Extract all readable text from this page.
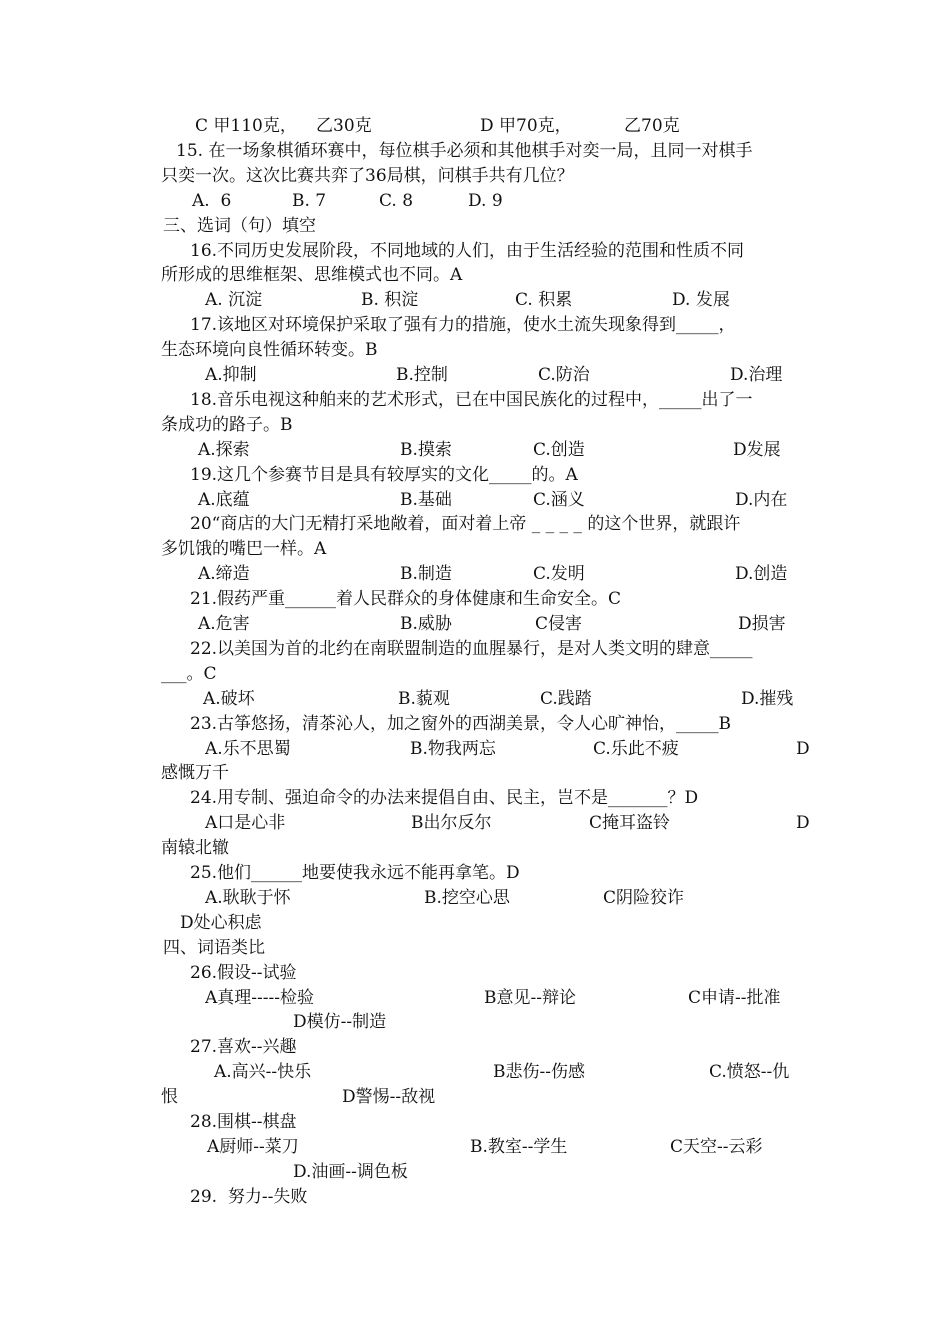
C 甲110克， 乙30克	D 甲70克，	乙70克
15. 在一场象棋循环赛中，每位棋手必须和其他棋手对奕一局，且同一对棋手
只奕一次。这次比赛共弈了36局棋，问棋手共有几位？
A.  6	B. 7	C. 8	D. 9
三、选词（句）填空
16.不同历史发展阶段，不同地域的人们，由于生活经验的范围和性质不同
所形成的思维框架、思维模式也不同。A
A. 沉淀	B. 积淀	C. 积累	D. 发展
17.该地区对环境保护采取了强有力的措施，使水土流失现象得到_____，
生态环境向良性循环转变。B
A.抑制	B.控制	C.防治	D.治理
18.音乐电视这种舶来的艺术形式，已在中国民族化的过程中，_____出了一
条成功的路子。B
A.探索	B.摸索	C.创造	D发展
19.这几个参赛节目是具有较厚实的文化_____的。A
A.底蕴	B.基础	C.涵义	D.内在
20“商店的大门无精打采地敞着，面对着上帝 _ _ _ _ 的这个世界，就跟许
多饥饿的嘴巴一样。A
A.缔造	B.制造	C.发明	D.创造
21.假药严重______着人民群众的身体健康和生命安全。C
A.危害	B.威胁	C侵害	D损害
22.以美国为首的北约在南联盟制造的血腥暴行，是对人类文明的肆意_____
___。C
A.破坏	B.藐观	C.践踏	D.摧残
23.古筝悠扬，清茶沁人，加之窗外的西湖美景，令人心旷神怡，_____B
A.乐不思蜀	B.物我两忘	C.乐此不疲	D
感慨万千
24.用专制、强迫命令的办法来提倡自由、民主，岂不是_______？D
A口是心非	B出尔反尔	C掩耳盗铃	D
南辕北辙
25.他们______地要使我永远不能再拿笔。D
A.耿耿于怀	B.挖空心思	C阴险狡诈
D处心积虑
四、词语类比
26.假设--试验
A真理-----检验	B意见--辩论	C申请--批准
D模仿--制造
27.喜欢--兴趣
A.高兴--快乐	B悲伤--伤感	C.愤怒--仇
恨	D警惕--敌视
28.围棋--棋盘
A厨师--菜刀	B.教室--学生	C天空--云彩
D.油画--调色板
29.  努力--失败
